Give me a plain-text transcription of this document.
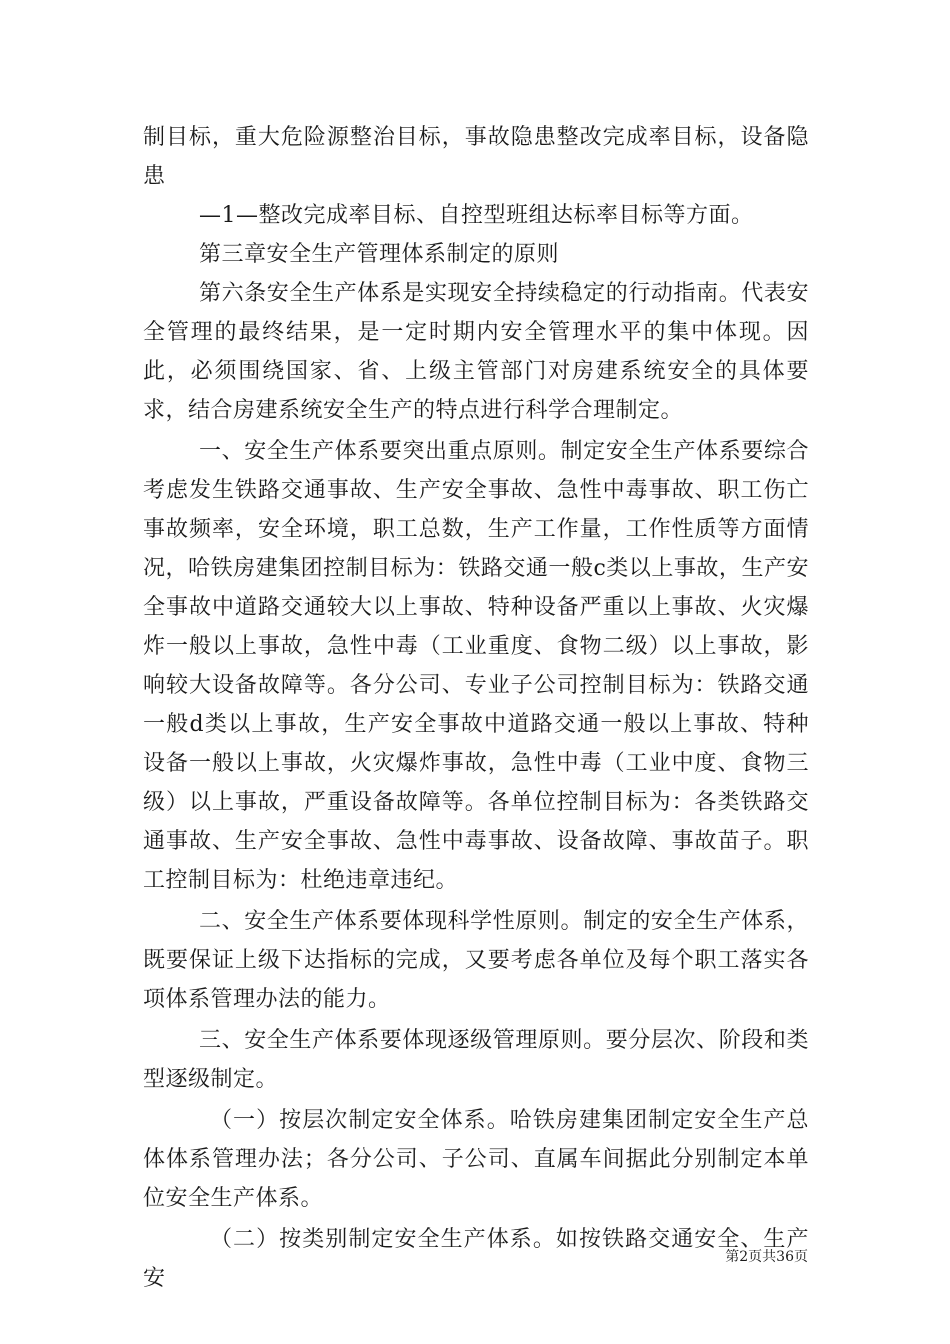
制目标，重大危险源整治目标，事故隐患整改完成率目标，设备隐患

—1—整改完成率目标、自控型班组达标率目标等方面。

第三章安全生产管理体系制定的原则

第六条安全生产体系是实现安全持续稳定的行动指南。代表安全管理的最终结果，是一定时期内安全管理水平的集中体现。因此，必须围绕国家、省、上级主管部门对房建系统安全的具体要求，结合房建系统安全生产的特点进行科学合理制定。

一、安全生产体系要突出重点原则。制定安全生产体系要综合考虑发生铁路交通事故、生产安全事故、急性中毒事故、职工伤亡事故频率，安全环境，职工总数，生产工作量，工作性质等方面情况，哈铁房建集团控制目标为：铁路交通一般c类以上事故，生产安全事故中道路交通较大以上事故、特种设备严重以上事故、火灾爆炸一般以上事故，急性中毒（工业重度、食物二级）以上事故，影响较大设备故障等。各分公司、专业子公司控制目标为：铁路交通一般d类以上事故，生产安全事故中道路交通一般以上事故、特种设备一般以上事故，火灾爆炸事故，急性中毒（工业中度、食物三级）以上事故，严重设备故障等。各单位控制目标为：各类铁路交通事故、生产安全事故、急性中毒事故、设备故障、事故苗子。职工控制目标为：杜绝违章违纪。

二、安全生产体系要体现科学性原则。制定的安全生产体系，既要保证上级下达指标的完成，又要考虑各单位及每个职工落实各项体系管理办法的能力。

三、安全生产体系要体现逐级管理原则。要分层次、阶段和类型逐级制定。

（一）按层次制定安全体系。哈铁房建集团制定安全生产总体体系管理办法；各分公司、子公司、直属车间据此分别制定本单位安全生产体系。

（二）按类别制定安全生产体系。如按铁路交通安全、生产安

第2页共36页
